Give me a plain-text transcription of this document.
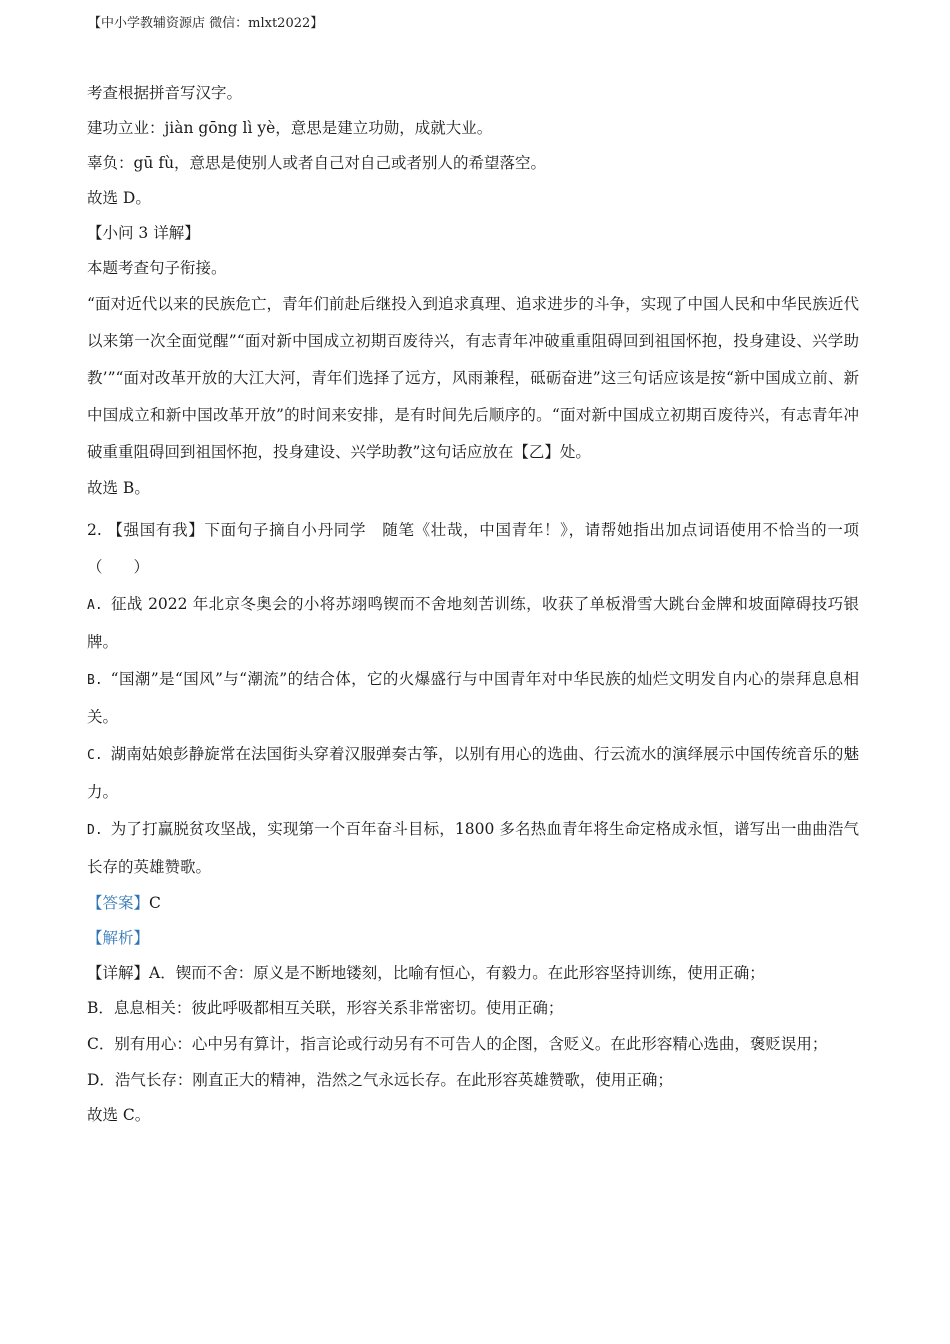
【中小学教辅资源店 微信：mlxt2022】

考查根据拼音写汉字。

建功立业：jiàn gōng lì yè，意思是建立功勋，成就大业。

辜负：gū fù，意思是使别人或者自己对自己或者别人的希望落空。

故选 D。

【小问 3 详解】

本题考查句子衔接。

“面对近代以来的民族危亡，青年们前赴后继投入到追求真理、追求进步的斗争，实现了中国人民和中华民族近代以来第一次全面觉醒”“面对新中国成立初期百废待兴，有志青年冲破重重阻碍回到祖国怀抱，投身建设、兴学助教’”“面对改革开放的大江大河，青年们选择了远方，风雨兼程，砥砺奋进”这三句话应该是按“新中国成立前、新中国成立和新中国改革开放”的时间来安排，是有时间先后顺序的。“面对新中国成立初期百废待兴，有志青年冲破重重阻碍回到祖国怀抱，投身建设、兴学助教”这句话应放在【乙】处。

故选 B。

2. 【强国有我】下面句子摘自小丹同学　随笔《壮哉，中国青年！》，请帮她指出加点词语使用不恰当的一项（　　）

A. 征战 2022 年北京冬奥会的小将苏翊鸣锲而不舍地刻苦训练，收获了单板滑雪大跳台金牌和坡面障碍技巧银牌。

B. “国潮”是“国风”与“潮流”的结合体，它的火爆盛行与中国青年对中华民族的灿烂文明发自内心的崇拜息息相关。

C. 湖南姑娘彭静旋常在法国街头穿着汉服弹奏古筝，以别有用心的选曲、行云流水的演绎展示中国传统音乐的魅力。

D. 为了打赢脱贫攻坚战，实现第一个百年奋斗目标，1800 多名热血青年将生命定格成永恒，谱写出一曲曲浩气长存的英雄赞歌。

【答案】C

【解析】

【详解】A．锲而不舍：原义是不断地镂刻，比喻有恒心，有毅力。在此形容坚持训练，使用正确；

B．息息相关：彼此呼吸都相互关联，形容关系非常密切。使用正确；

C．别有用心：心中另有算计，指言论或行动另有不可告人的企图，含贬义。在此形容精心选曲，褒贬误用；

D．浩气长存：刚直正大的精神，浩然之气永远长存。在此形容英雄赞歌，使用正确；

故选 C。
